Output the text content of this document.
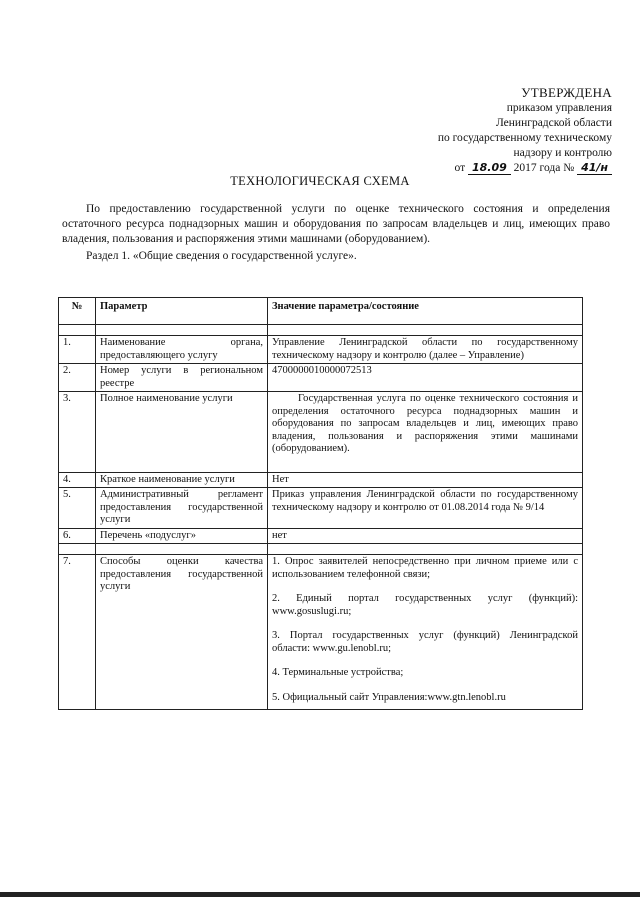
УТВЕРЖДЕНА
приказом управления
Ленинградской области
по государственному техническому
надзору и контролю
от 18.09 2017 года № 41/н
ТЕХНОЛОГИЧЕСКАЯ СХЕМА

По предоставлению государственной услуги по оценке технического состояния и определения остаточного ресурса поднадзорных машин и оборудования по запросам владельцев и лиц, имеющих право владения, пользования и распоряжения этими машинами (оборудованием).

Раздел 1. «Общие сведения о государственной услуге».

№	Параметр	Значение параметра/состояние

1.	Наименование органа, предоставляющего услугу	Управление Ленинградской области по государственному техническому надзору и контролю (далее – Управление)
2.	Номер услуги в региональном реестре	4700000010000072513
3.	Полное наименование услуги	Государственная услуга по оценке технического состояния и определения остаточного ресурса поднадзорных машин и оборудования по запросам владельцев и лиц, имеющих право владения, пользования и распоряжения этими машинами (оборудованием).
4.	Краткое наименование услуги	Нет
5.	Административный регламент предоставления государственной услуги	Приказ управления Ленинградской области по государственному техническому надзору и контролю от 01.08.2014 года № 9/14
6.	Перечень «подуслуг»	нет

7.	Способы оценки качества предоставления государственной услуги	1. Опрос заявителей непосредственно при личном приеме или с использованием телефонной связи;

2. Единый портал государственных услуг (функций): www.gosuslugi.ru;

3. Портал государственных услуг (функций) Ленинградской области: www.gu.lenobl.ru;

4. Терминальные устройства;

5. Официальный сайт Управления:www.gtn.lenobl.ru
